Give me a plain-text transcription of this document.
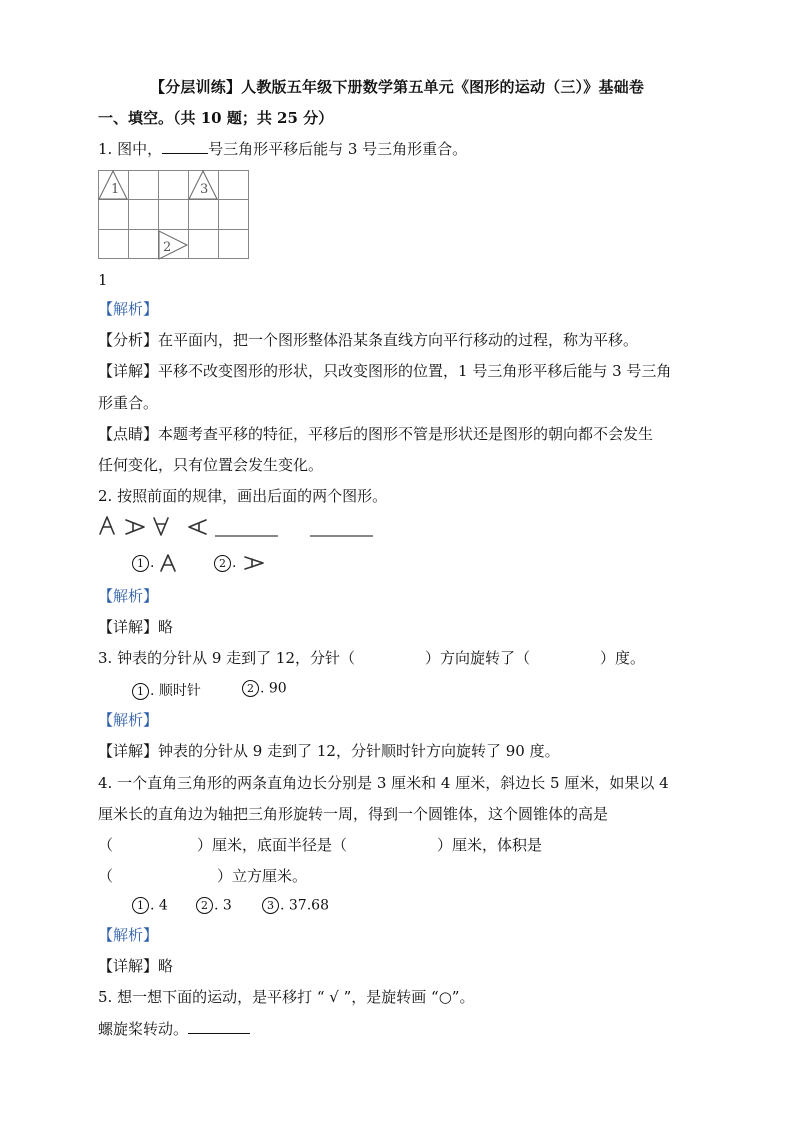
【分层训练】人教版五年级下册数学第五单元《图形的运动（三）》基础卷
一、填空。（共 10 题；共 25 分）
1. 图中，	号三角形平移后能与 3 号三角形重合。
1	3
2
1
【解析】
【分析】在平面内，把一个图形整体沿某条直线方向平行移动的过程，称为平移。
【详解】平移不改变图形的形状，只改变图形的位置，1 号三角形平移后能与 3 号三角
形重合。
【点睛】本题考查平移的特征，平移后的图形不管是形状还是图形的朝向都不会发生
任何变化，只有位置会发生变化。
2. 按照前面的规律，画出后面的两个图形。
1 .	2 .
【解析】
【详解】略
3. 钟表的分针从 9 走到了 12，分针（	）方向旋转了（	）度。
1 . 顺时针	2 . 90
【解析】
【详解】钟表的分针从 9 走到了 12，分针顺时针方向旋转了 90 度。
4. 一个直角三角形的两条直角边长分别是 3 厘米和 4 厘米，斜边长 5 厘米，如果以 4
厘米长的直角边为轴把三角形旋转一周，得到一个圆锥体，这个圆锥体的高是
（	）厘米，底面半径是（	）厘米，体积是
（	）立方厘米。
1 . 4	2 . 3	3 . 37.68
【解析】
【详解】略
5. 想一想下面的运动，是平移打 “ √ ”，是旋转画 “○”。
螺旋桨转动。
